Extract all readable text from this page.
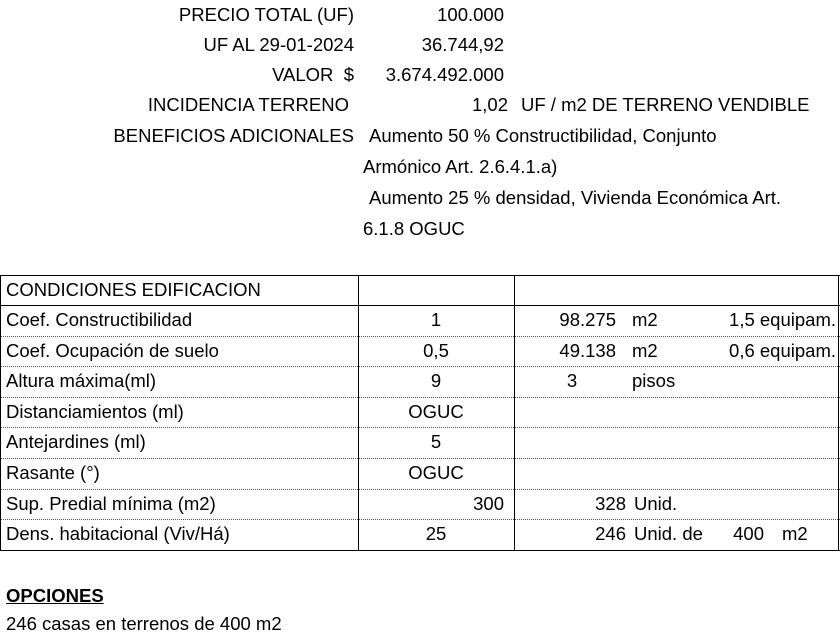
PRECIO TOTAL (UF)	100.000
UF AL 29-01-2024	36.744,92
VALOR $ 3.674.492.000
INCIDENCIA TERRENO	1,02 UF / m2 DE TERRENO VENDIBLE
BENEFICIOS ADICIONALES Aumento 50 % Constructibilidad, Conjunto
Armónico Art. 2.6.4.1.a)
Aumento 25 % densidad, Vivienda Económica Art.
6.1.8 OGUC
CONDICIONES EDIFICACION
Coef. Constructibilidad	1	98.275 m2	1,5 equipam.
Coef. Ocupación de suelo	0,5	49.138 m2	0,6 equipam.
Altura máxima(ml)	9	3	pisos
Distanciamientos (ml)	OGUC
Antejardines (ml)	5
Rasante (°)	OGUC
Sup. Predial mínima (m2)	300	328 Unid.
Dens. habitacional (Viv/Há)	25	246 Unid. de 400 m2
OPCIONES
246 casas en terrenos de 400 m2
